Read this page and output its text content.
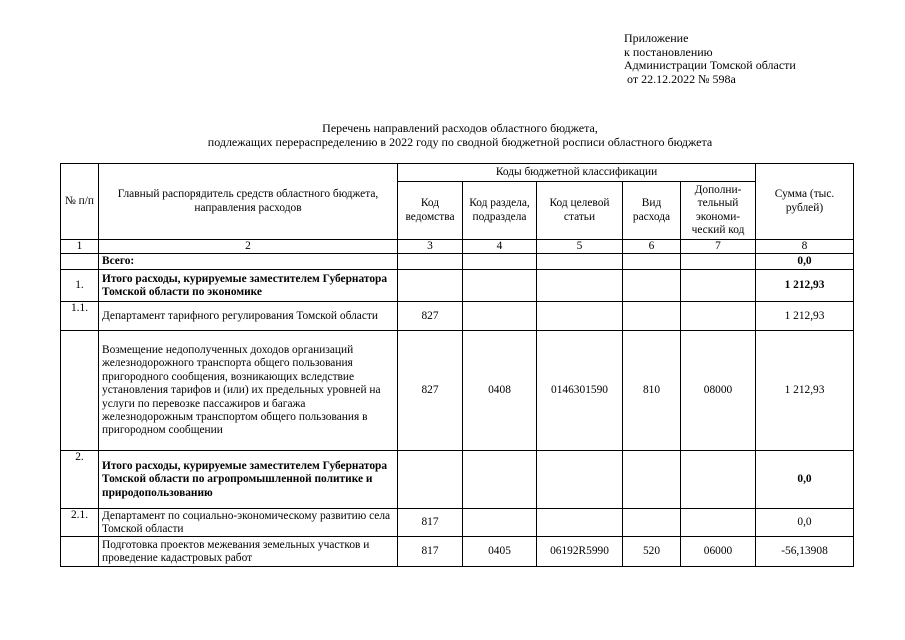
Приложение
к постановлению
Администрации Томской области
от 22.12.2022 № 598а
Перечень направлений расходов областного бюджета,
подлежащих перераспределению в 2022 году по сводной бюджетной росписи областного бюджета
№ п/п	Главный распорядитель средств областного бюджета, направления расходов	Коды бюджетной классификации					Сумма (тыс. рублей)
		Код ведомства	Код раздела, подраздела	Код целевой статьи	Вид расхода	Дополни-тельный экономи-ческий код	
1	2	3	4	5	6	7	8
	Всего:						0,0
1.	Итого расходы, курируемые заместителем Губернатора Томской области по экономике						1 212,93
1.1.	Департамент тарифного регулирования Томской области	827					1 212,93
	Возмещение недополученных доходов организаций железнодорожного транспорта общего пользования пригородного сообщения, возникающих вследствие установления тарифов и (или) их предельных уровней на услуги по перевозке пассажиров и багажа железнодорожным транспортом общего пользования в пригородном сообщении	827	0408	0146301590	810	08000	1 212,93
2.	Итого расходы, курируемые заместителем Губернатора Томской области по агропромышленной политике и природопользованию						0,0
2.1.	Департамент по социально-экономическому развитию села Томской области	817					0,0
	Подготовка проектов межевания земельных участков и проведение кадастровых работ	817	0405	06192R5990	520	06000	-56,13908
